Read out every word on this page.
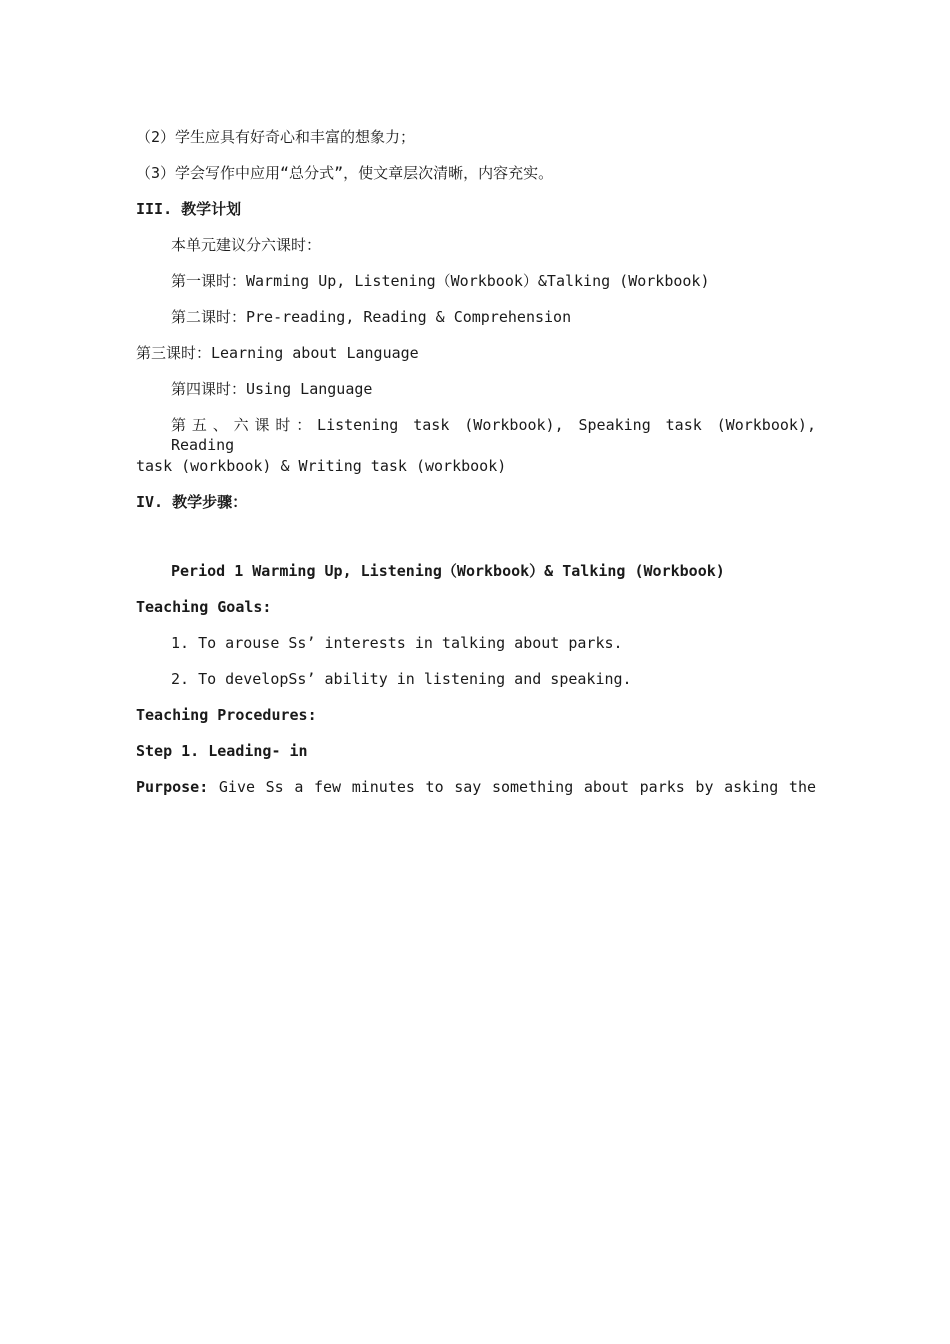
（2）学生应具有好奇心和丰富的想象力；
（3）学会写作中应用“总分式”，使文章层次清晰，内容充实。
III. 教学计划
本单元建议分六课时：
第一课时：Warming Up, Listening（Workbook）&Talking (Workbook)
第二课时：Pre-reading, Reading & Comprehension
第三课时：Learning about Language
第四课时：Using Language
第五、六课时：Listening task (Workbook), Speaking task (Workbook), Reading
task (workbook) & Writing task (workbook)
IV. 教学步骤：
Period 1 Warming Up, Listening（Workbook）& Talking (Workbook)
Teaching Goals:
1. To arouse Ss’ interests in talking about parks.
2. To developSs’ ability in listening and speaking.
Teaching Procedures:
Step 1. Leading- in
Purpose: Give Ss a few minutes to say something about parks by asking the
